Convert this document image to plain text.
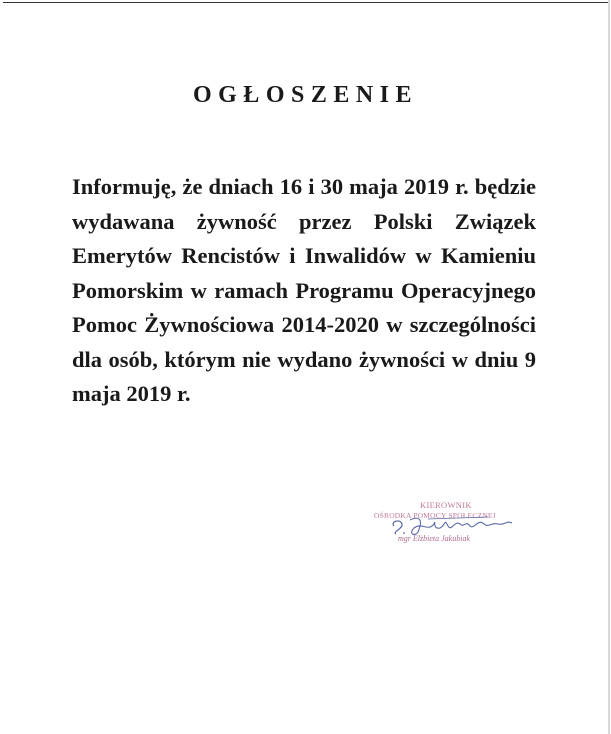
OGŁOSZENIE
Informuję, że dniach 16 i 30 maja 2019 r. będzie wydawana żywność przez Polski Związek Emerytów Rencistów i Inwalidów w Kamieniu Pomorskim w ramach Programu Operacyjnego Pomoc Żywnościowa 2014-2020 w szczególności dla osób, którym nie wydano żywności w dniu 9 maja 2019 r.
KIEROWNIK
OŚRODKA POMOCY SPOŁECZNEJ
mgr Elżbieta Jakubiak
